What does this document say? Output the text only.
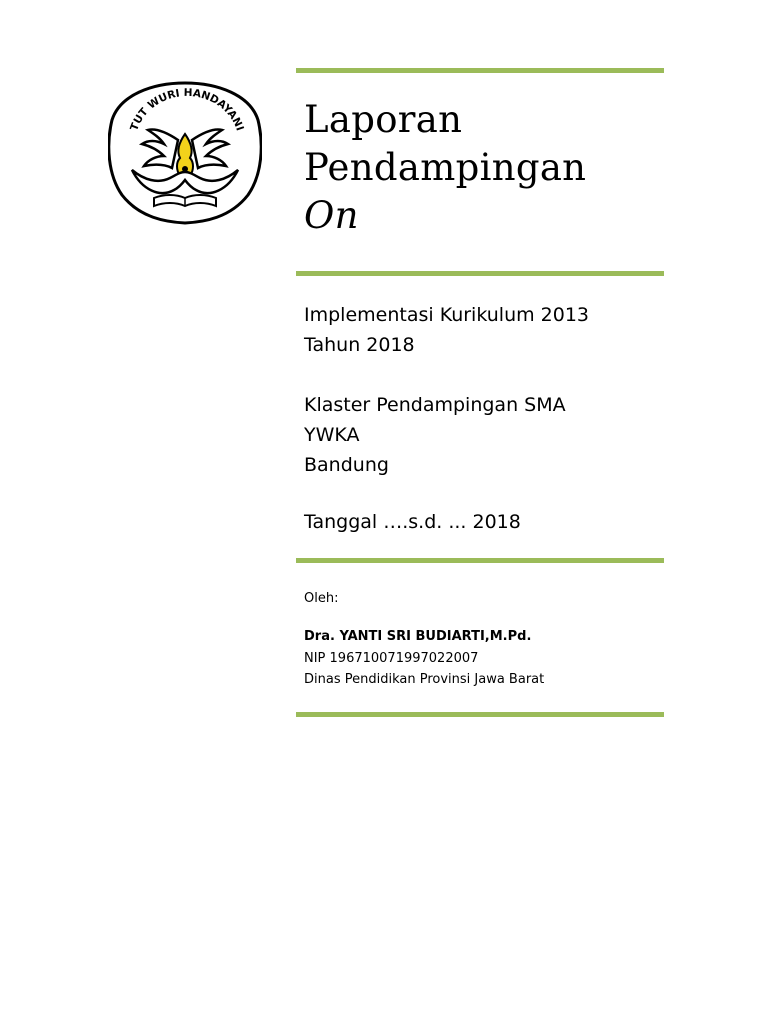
TUT WURI HANDAYANI Laporan
Pendampingan
On
Implementasi Kurikulum 2013
Tahun 2018
Klaster Pendampingan SMA
YWKA
Bandung
Tanggal ….s.d. ... 2018
Oleh:
Dra. YANTI SRI BUDIARTI,M.Pd.
NIP 196710071997022007
Dinas Pendidikan Provinsi Jawa Barat
